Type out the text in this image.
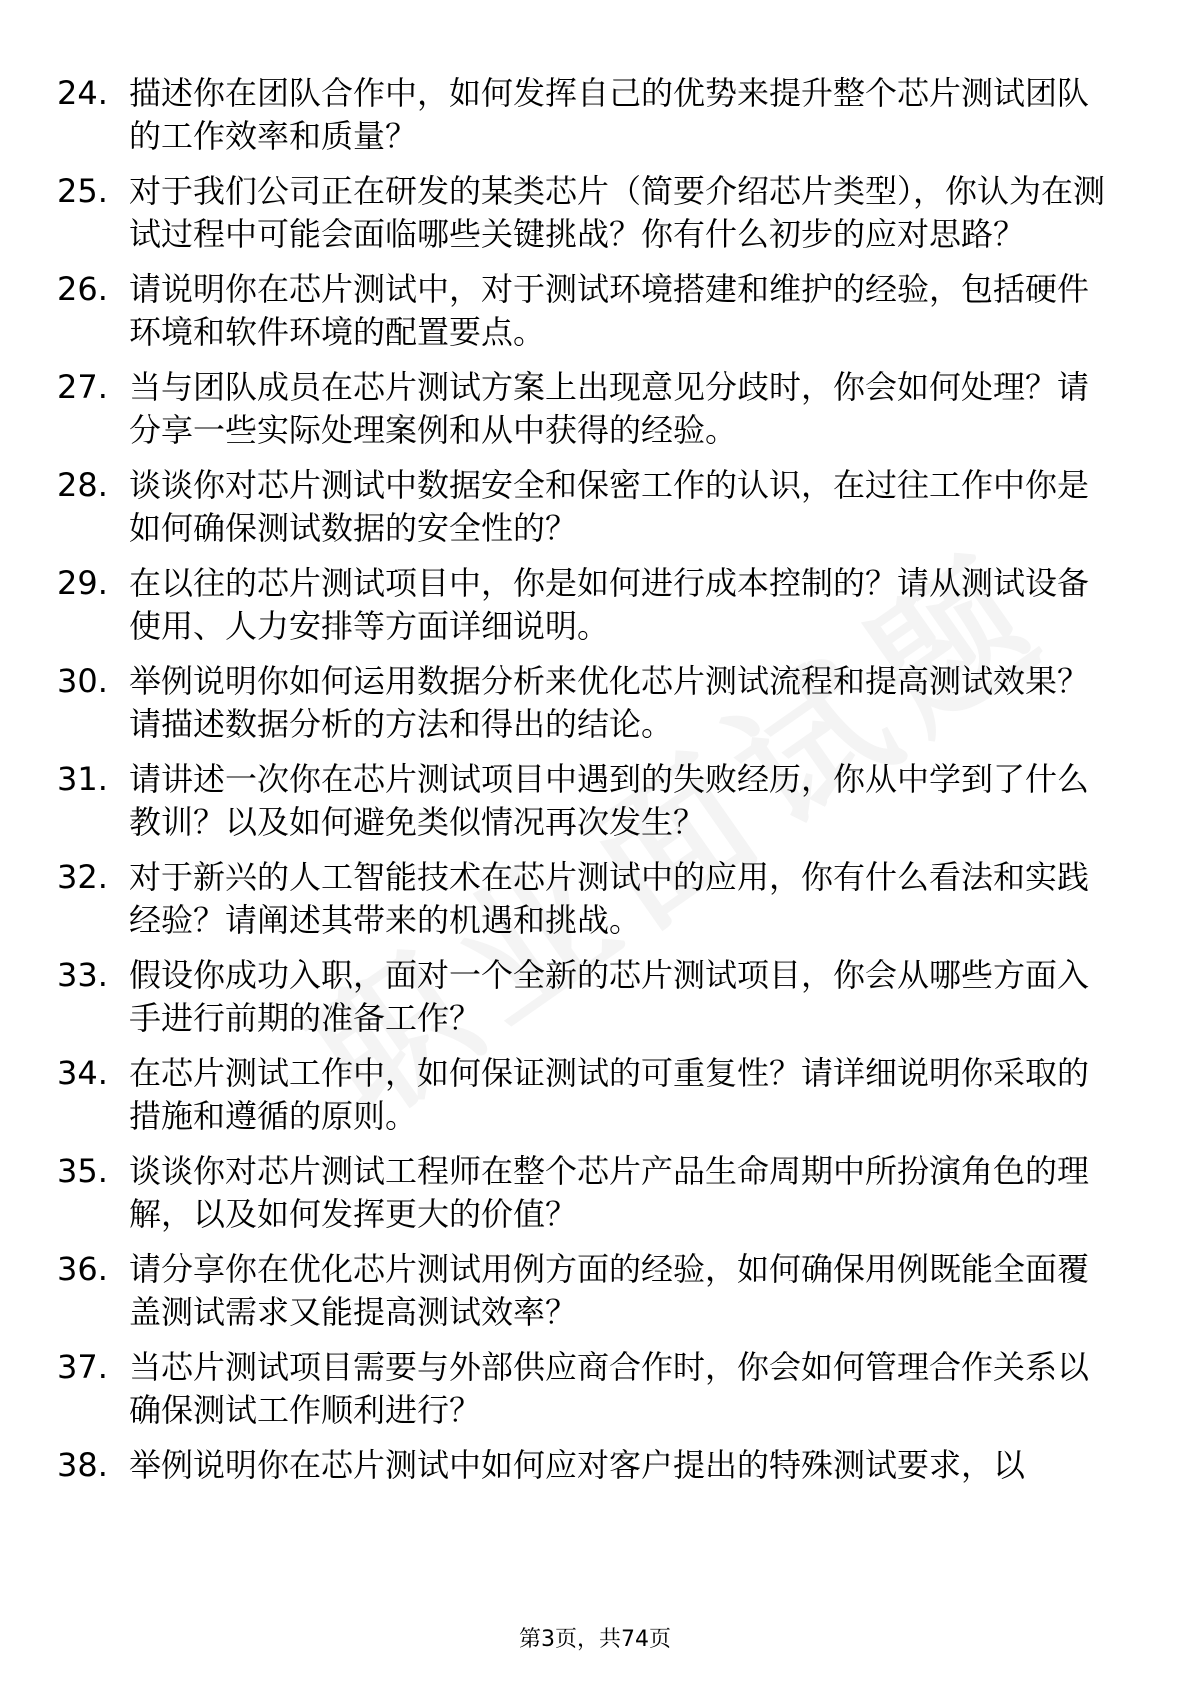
24. 描述你在团队合作中，如何发挥自己的优势来提升整个芯片测试团队的工作效率和质量？
25. 对于我们公司正在研发的某类芯片（简要介绍芯片类型），你认为在测试过程中可能会面临哪些关键挑战？你有什么初步的应对思路？
26. 请说明你在芯片测试中，对于测试环境搭建和维护的经验，包括硬件环境和软件环境的配置要点。
27. 当与团队成员在芯片测试方案上出现意见分歧时，你会如何处理？请分享一些实际处理案例和从中获得的经验。
28. 谈谈你对芯片测试中数据安全和保密工作的认识，在过往工作中你是如何确保测试数据的安全性的？
29. 在以往的芯片测试项目中，你是如何进行成本控制的？请从测试设备使用、人力安排等方面详细说明。
30. 举例说明你如何运用数据分析来优化芯片测试流程和提高测试效果？请描述数据分析的方法和得出的结论。
31. 请讲述一次你在芯片测试项目中遇到的失败经历，你从中学到了什么教训？以及如何避免类似情况再次发生？
32. 对于新兴的人工智能技术在芯片测试中的应用，你有什么看法和实践经验？请阐述其带来的机遇和挑战。
33. 假设你成功入职，面对一个全新的芯片测试项目，你会从哪些方面入手进行前期的准备工作？
34. 在芯片测试工作中，如何保证测试的可重复性？请详细说明你采取的措施和遵循的原则。
35. 谈谈你对芯片测试工程师在整个芯片产品生命周期中所扮演角色的理解，以及如何发挥更大的价值？
36. 请分享你在优化芯片测试用例方面的经验，如何确保用例既能全面覆盖测试需求又能提高测试效率？
37. 当芯片测试项目需要与外部供应商合作时，你会如何管理合作关系以确保测试工作顺利进行？
38. 举例说明你在芯片测试中如何应对客户提出的特殊测试要求，以
第3页，共74页
